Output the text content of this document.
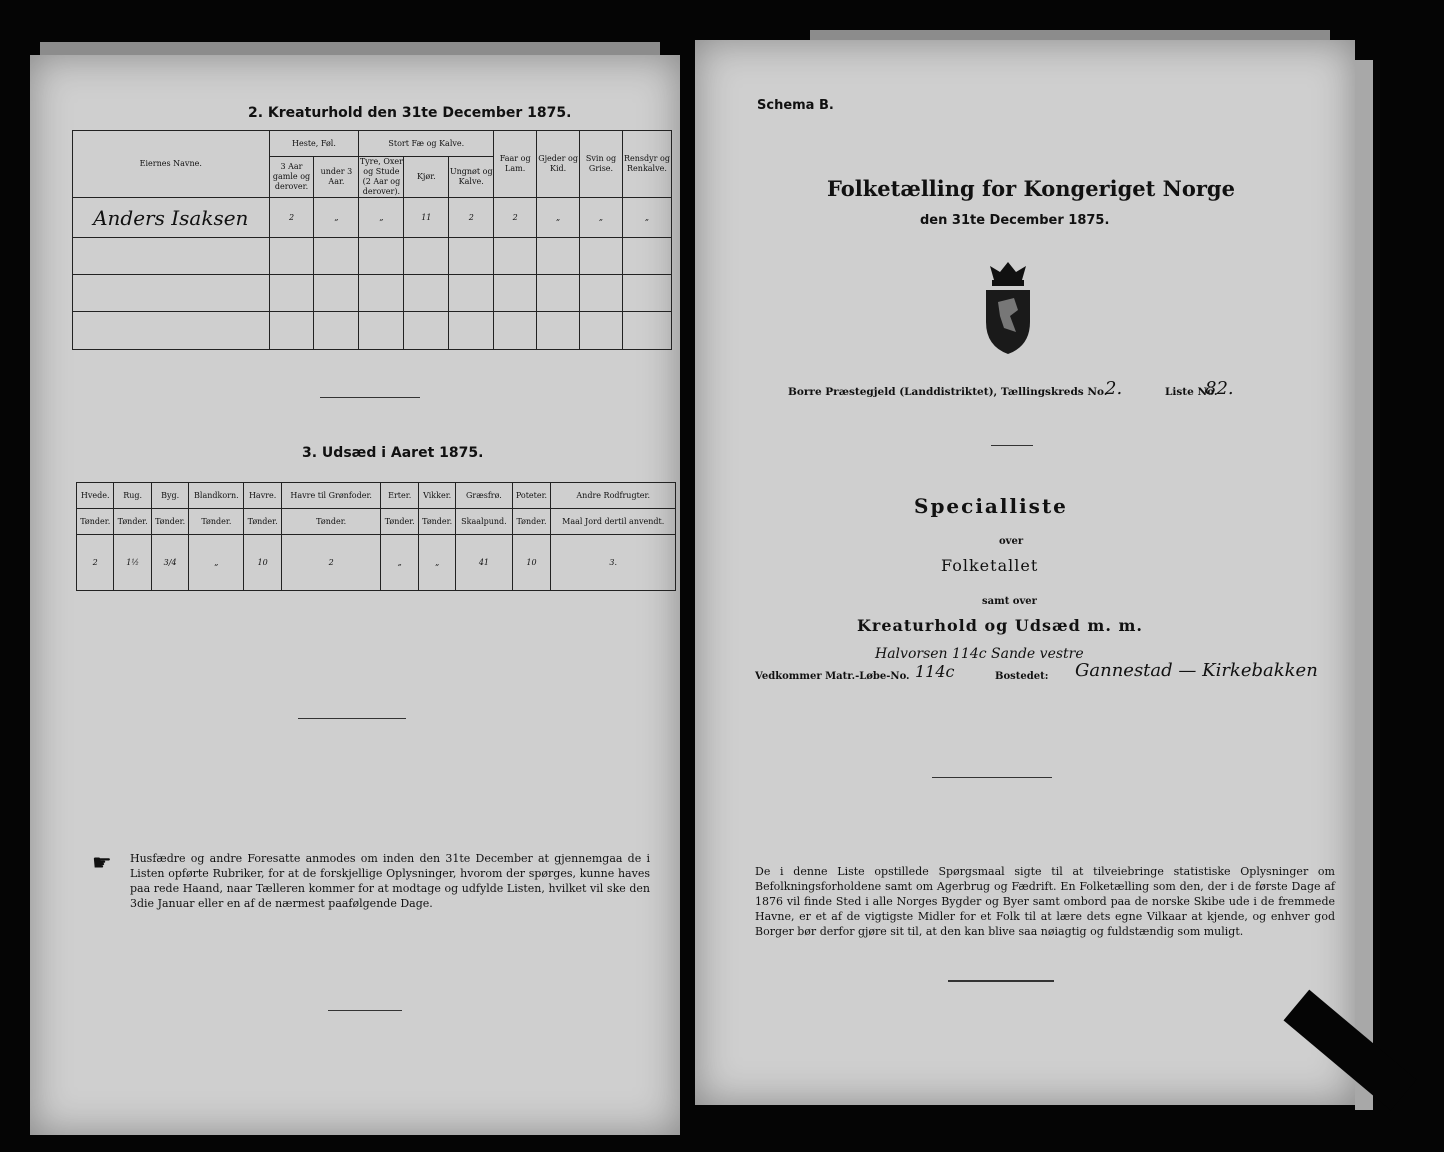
2. Kreaturhold den 31te December 1875.
Eiernes Navne.	Heste, Føl.		Stort Fæ og Kalve.			Faar og Lam.	Gjeder og Kid.	Svin og Grise.	Rensdyr og Renkalve.
	3 Aar gamle og derover.	under 3 Aar.	Tyre, Oxer og Stude (2 Aar og derover).	Kjør.	Ungnøt og Kalve.				
Anders Isaksen	2	„	„	11	2	2	„	„	„

3. Udsæd i Aaret 1875.
Hvede.	Rug.	Byg.	Blandkorn.	Havre.	Havre til Grønfoder.	Erter.	Vikker.	Græsfrø.	Poteter.	Andre Rodfrugter.
Tønder.	Tønder.	Tønder.	Tønder.	Tønder.	Tønder.	Tønder.	Tønder.	Skaalpund.	Tønder.	Maal Jord dertil anvendt.
2	1½	3/4	„	10	2	„	„	41	10	3.
☛ Husfædre og andre Foresatte anmodes om inden den 31te December at gjennemgaa de i Listen opførte Rubriker, for at de forskjellige Oplysninger, hvorom der spørges, kunne haves paa rede Haand, naar Tælleren kommer for at modtage og udfylde Listen, hvilket vil ske den 3die Januar eller en af de nærmest paafølgende Dage.
Schema B.
Folketælling for Kongeriget Norge
den 31te December 1875.
Borre Præstegjeld (Landdistriktet), Tællingskreds No.
2.	Liste No.
82.
Specialliste
over
Folketallet
samt over
Kreaturhold og Udsæd m. m.
Halvorsen 114c Sande vestre
Vedkommer Matr.-Løbe-No. 114c	Bostedet: Gannestad — Kirkebakken
De i denne Liste opstillede Spørgsmaal sigte til at tilveiebringe statistiske Oplysninger om Befolkningsforholdene samt om Agerbrug og Fædrift. En Folketælling som den, der i de første Dage af 1876 vil finde Sted i alle Norges Bygder og Byer samt ombord paa de norske Skibe ude i de fremmede Havne, er et af de vigtigste Midler for et Folk til at lære dets egne Vilkaar at kjende, og enhver god Borger bør derfor gjøre sit til, at den kan blive saa nøiagtig og fuldstændig som muligt.
